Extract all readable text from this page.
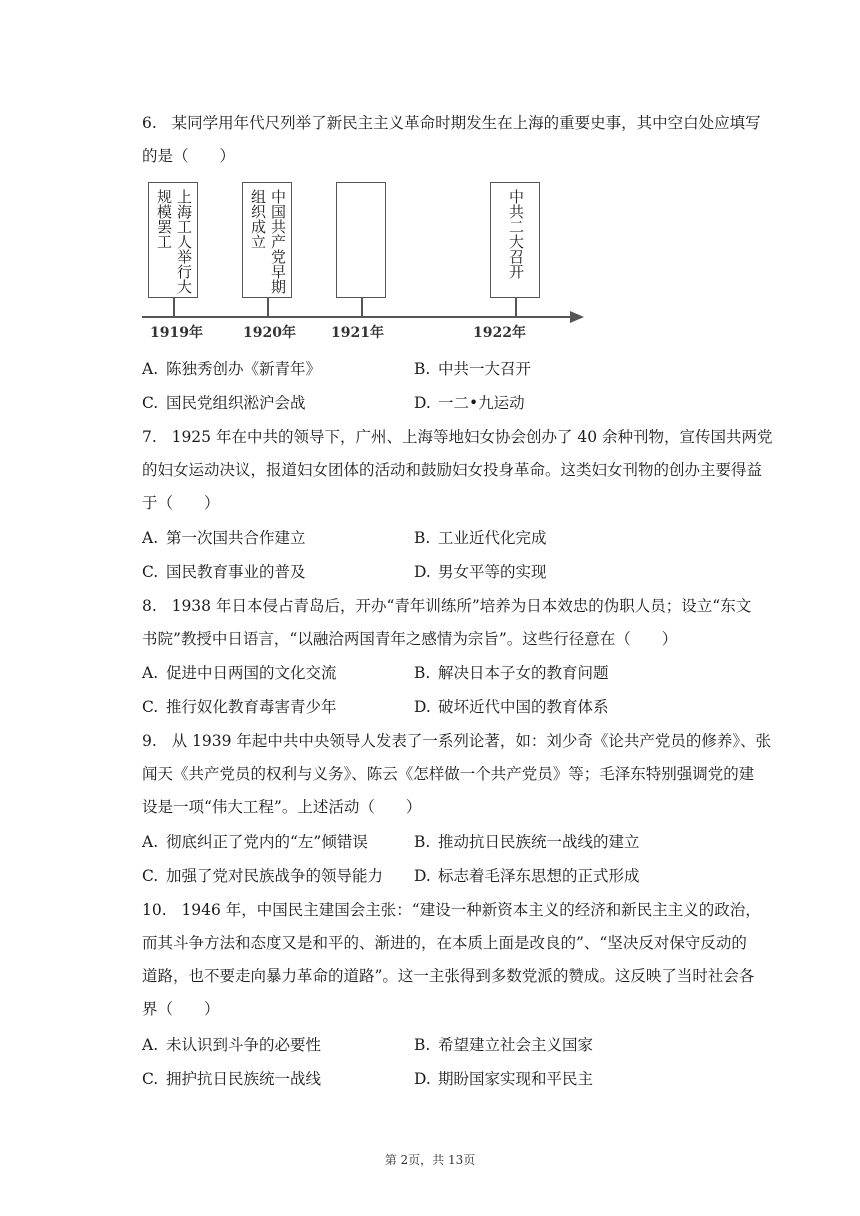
6. 某同学用年代尺列举了新民主主义革命时期发生在上海的重要史事，其中空白处应填写
的是（　　）
上海工人举行大
规模罢工	中国共产党早期
组织成立	中共二大召开
1919年	1920年	1921年	1922年
A. 陈独秀创办《新青年》	B. 中共一大召开
C. 国民党组织淞沪会战	D. 一二•九运动
7. 1925 年在中共的领导下，广州、上海等地妇女协会创办了 40 余种刊物，宣传国共两党
的妇女运动决议，报道妇女团体的活动和鼓励妇女投身革命。这类妇女刊物的创办主要得益
于（　　）
A. 第一次国共合作建立	B. 工业近代化完成
C. 国民教育事业的普及	D. 男女平等的实现
8. 1938 年日本侵占青岛后，开办“青年训练所”培养为日本效忠的伪职人员；设立“东文
书院”教授中日语言，“以融洽两国青年之感情为宗旨”。这些行径意在（　　）
A. 促进中日两国的文化交流	B. 解决日本子女的教育问题
C. 推行奴化教育毒害青少年	D. 破坏近代中国的教育体系
9. 从 1939 年起中共中央领导人发表了一系列论著，如：刘少奇《论共产党员的修养》、张
闻天《共产党员的权利与义务》、陈云《怎样做一个共产党员》等；毛泽东特别强调党的建
设是一项“伟大工程”。上述活动（　　）
A. 彻底纠正了党内的“左”倾错误	B. 推动抗日民族统一战线的建立
C. 加强了党对民族战争的领导能力 D. 标志着毛泽东思想的正式形成
10. 1946 年，中国民主建国会主张：“建设一种新资本主义的经济和新民主主义的政治，
而其斗争方法和态度又是和平的、渐进的，在本质上面是改良的”、“坚决反对保守反动的
道路，也不要走向暴力革命的道路”。这一主张得到多数党派的赞成。这反映了当时社会各
界（　　）
A. 未认识到斗争的必要性	B. 希望建立社会主义国家
C. 拥护抗日民族统一战线	D. 期盼国家实现和平民主
第 2页，共 13页
